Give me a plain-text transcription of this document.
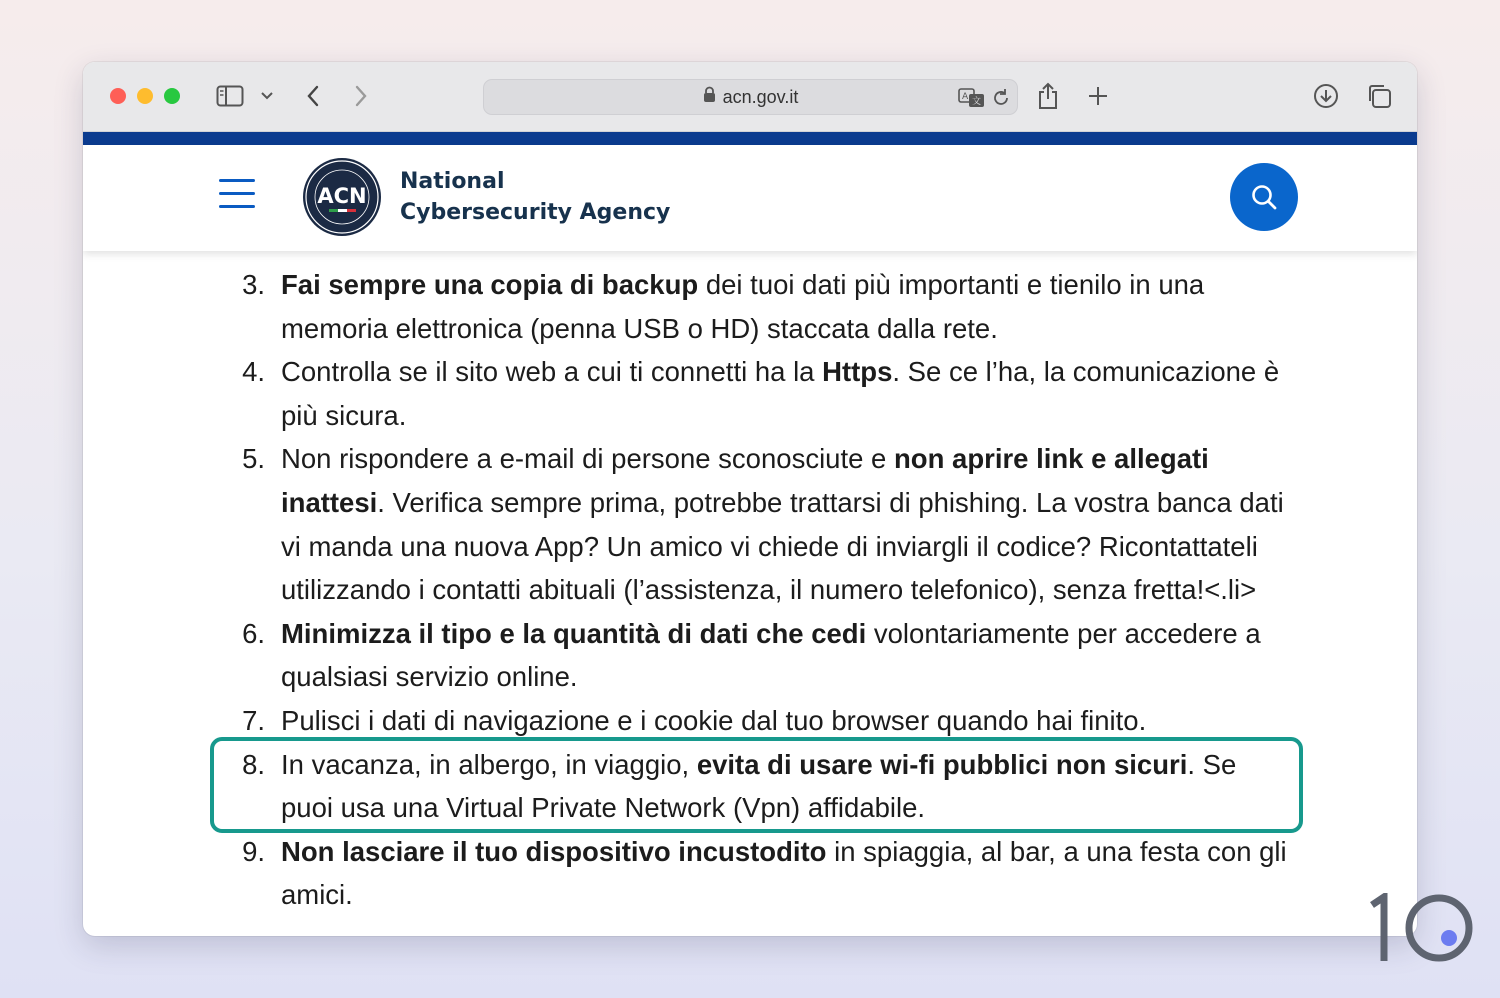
acn.gov.it	A 文
ACN
National
Cybersecurity Agency
3. Fai sempre una copia di backup dei tuoi dati più importanti e tienilo in una memoria elettronica (penna USB o HD) staccata dalla rete.
4. Controlla se il sito web a cui ti connetti ha la Https. Se ce l’ha, la comunicazione è più sicura.
5. Non rispondere a e-mail di persone sconosciute e non aprire link e allegati inattesi. Verifica sempre prima, potrebbe trattarsi di phishing. La vostra banca dati vi manda una nuova App? Un amico vi chiede di inviargli il codice? Ricontattateli utilizzando i contatti abituali (l’assistenza, il numero telefonico), senza fretta!<.li>
6. Minimizza il tipo e la quantità di dati che cedi volontariamente per accedere a qualsiasi servizio online.
7. Pulisci i dati di navigazione e i cookie dal tuo browser quando hai finito.
8. In vacanza, in albergo, in viaggio, evita di usare wi-fi pubblici non sicuri. Se puoi usa una Virtual Private Network (Vpn) affidabile.
9. Non lasciare il tuo dispositivo incustodito in spiaggia, al bar, a una festa con gli amici.
